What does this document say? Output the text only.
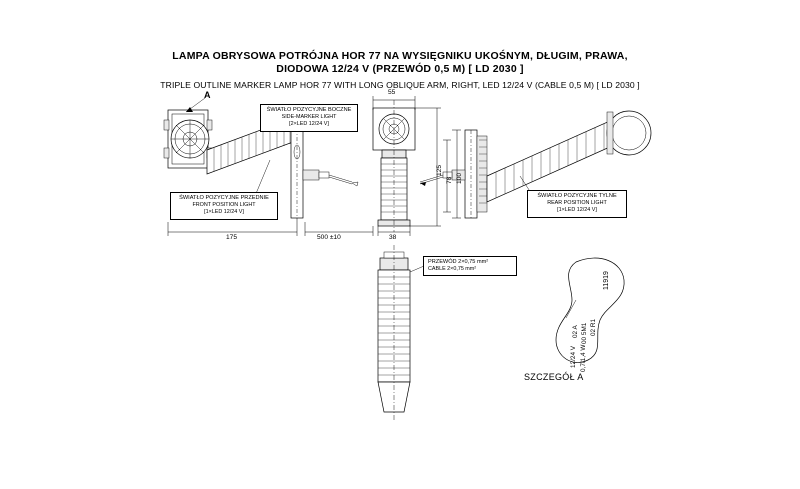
LAMPA OBRYSOWA POTRÓJNA HOR 77 NA WYSIĘGNIKU UKOŚNYM, DŁUGIM, PRAWA,
DIODOWA 12/24 V (PRZEWÓD 0,5 M) [ LD 2030 ]
TRIPLE OUTLINE MARKER LAMP HOR 77 WITH LONG OBLIQUE ARM, RIGHT, LED 12/24 V (CABLE 0,5 M) [ LD 2030 ]
A
ŚWIATŁO POZYCYJNE BOCZNE
SIDE-MARKER LIGHT
[2×LED 12/24 V]
ŚWIATŁO POZYCYJNE PRZEDNIE
FRONT POSITION LIGHT
[1×LED 12/24 V]
ŚWIATŁO POZYCYJNE TYLNE
REAR POSITION LIGHT
[1×LED 12/24 V]
PRZEWÓD 2×0,75 mm²
CABLE 2×0,75 mm²
55
125
100
78
175	500 ±10	38
11919
02 A 00 5M1 02 R1
12/24 V 0,7/1,4 W
SZCZEGÓŁ A
